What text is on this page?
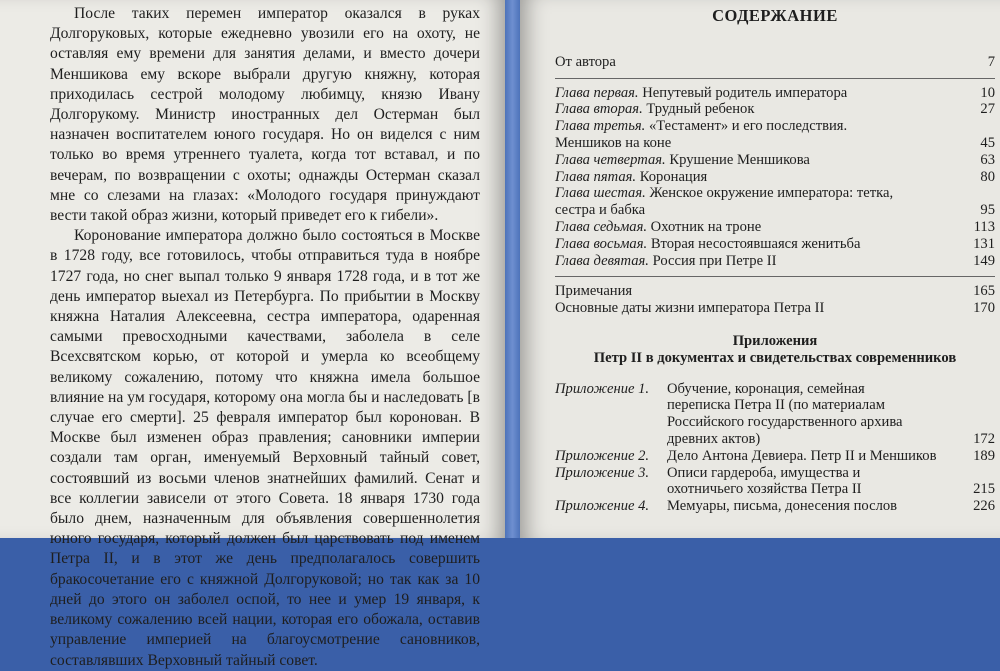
После таких перемен император оказался в руках Долгоруковых, которые ежедневно увозили его на охоту, не оставляя ему времени для занятия делами, и вместо дочери Меншикова ему вскоре выбрали другую княжну, которая приходилась сестрой молодому любимцу, князю Ивану Долгорукому. Министр иностранных дел Остерман был назначен воспитателем юного государя. Но он виделся с ним только во время утреннего туалета, когда тот вставал, и по вечерам, по возвращении с охоты; однажды Остерман сказал мне со слезами на глазах: «Молодого государя принуждают вести такой образ жизни, который приведет его к гибели».

Коронование императора должно было состояться в Москве в 1728 году, все готовилось, чтобы отправиться туда в ноябре 1727 года, но снег выпал только 9 января 1728 года, и в тот же день император выехал из Петербурга. По прибытии в Москву княжна Наталия Алексеевна, сестра императора, одаренная самыми превосходными качествами, заболела в селе Всехсвятском корью, от которой и умерла ко всеобщему великому сожалению, потому что княжна имела большое влияние на ум государя, которому она могла бы и наследовать [в случае его смерти]. 25 февраля император был коронован. В Москве был изменен образ правления; сановники империи создали там орган, именуемый Верховный тайный совет, состоявший из восьми членов знатнейших фамилий. Сенат и все коллегии зависели от этого Совета. 18 января 1730 года было днем, назначенным для объявления совершеннолетия юного государя, который должен был царствовать под именем Петра II, и в этот же день предполагалось совершить бракосочетание его с княжной Долгоруковой; но так как за 10 дней до этого он заболел оспой, то нее и умер 19 января, к великому сожалению всей нации, которая его обожала, оставив управление империей на благоусмотрение сановников, составлявших Верховный тайный совет.

СОДЕРЖАНИЕ
От автора	7
Глава первая. Непутевый родитель императора	10
Глава вторая. Трудный ребенок	27
Глава третья. «Тестамент» и его последствия. Меншиков на коне	45
Глава четвертая. Крушение Меншикова	63
Глава пятая. Коронация	80
Глава шестая. Женское окружение императора: тетка, сестра и бабка	95
Глава седьмая. Охотник на троне	113
Глава восьмая. Вторая несостоявшаяся женитьба	131
Глава девятая. Россия при Петре II	149
Примечания	165
Основные даты жизни императора Петра II	170
Приложения
Петр II в документах и свидетельствах современников
Приложение 1.	Обучение, коронация, семейная переписка Петра II (по материалам Российского государственного архива древних актов)	172
Приложение 2.	Дело Антона Девиера. Петр II и Меншиков	189
Приложение 3.	Описи гардероба, имущества и охотничьего хозяйства Петра II	215
Приложение 4.	Мемуары, письма, донесения послов	226
